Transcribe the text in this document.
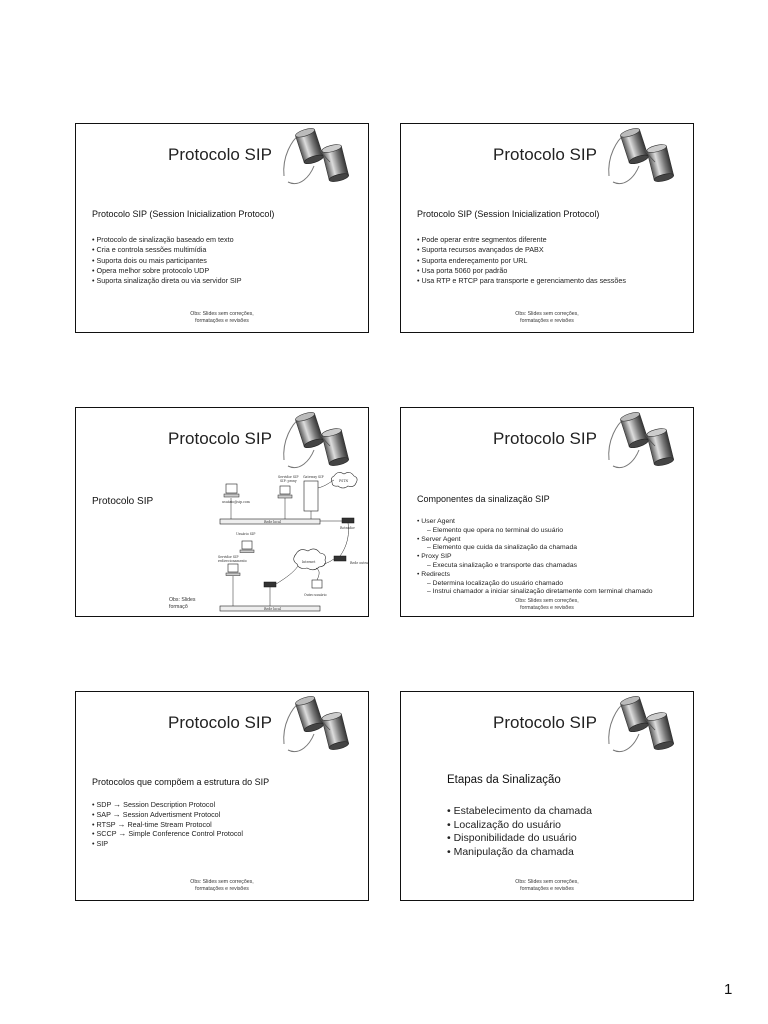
Protocolo SIP
Protocolo SIP (Session Inicialization Protocol)
• Protocolo de sinalização baseado em texto
• Cria e controla sessões multimídia
• Suporta dois ou mais participantes
• Opera melhor sobre protocolo UDP
• Suporta sinalização direta ou via servidor SIP
Obs: Slides sem correções,
formatações e revisões
Protocolo SIP
Protocolo SIP (Session Inicialization Protocol)
• Pode operar entre segmentos diferente
• Suporta recursos avançados de PABX
• Suporta endereçamento por URL
• Usa porta 5060 por padrão
• Usa RTP e RTCP para transporte e gerenciamento das sessões
Obs: Slides sem correções,
formatações e revisões
Protocolo SIP
Protocolo SIP	usuário@sip.com
Servidor SIP
SIP: proxy
Gateway SIP
PSTN
Rede local
Roteador
Usuário SIP
Servidor SIP
redirecionamento	Internet	Rede outra
Outro usuário
Rede local
Obs: Slides
formaçõ
Protocolo SIP
Componentes da sinalização SIP
• User Agent
– Elemento que opera no terminal do usuário
• Server Agent
– Elemento que cuida da sinalização da chamada
• Proxy SIP
– Executa sinalização e transporte das chamadas
• Redirects
– Determina localização do usuário chamado
– Instrui chamador a iniciar sinalização diretamente com terminal chamado
Obs: Slides sem correções,
formatações e revisões
Protocolo SIP
Protocolos que compõem a estrutura do SIP
• SDP → Session Description Protocol
• SAP → Session Advertisment Protocol
• RTSP → Real-time Stream Protocol
• SCCP → Simple Conference Control Protocol
• SIP
Obs: Slides sem correções,
formatações e revisões
Protocolo SIP
Etapas da Sinalização
• Estabelecimento da chamada
• Localização do usuário
• Disponibilidade do usuário
• Manipulação da chamada
Obs: Slides sem correções,
formatações e revisões
1
